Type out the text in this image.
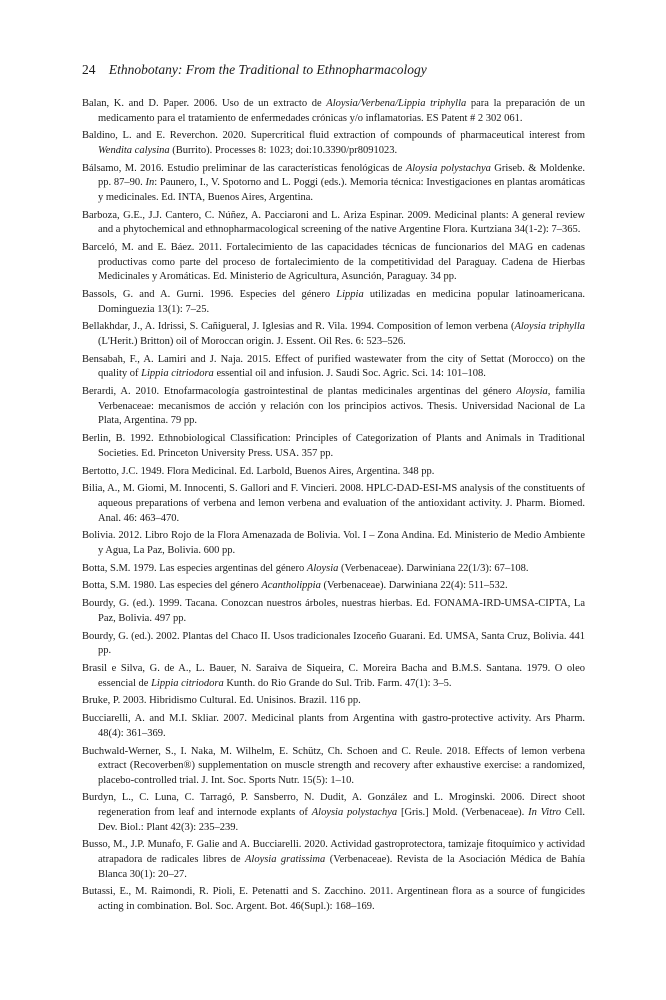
24 Ethnobotany: From the Traditional to Ethnopharmacology

Balan, K. and D. Paper. 2006. Uso de un extracto de Aloysia/Verbena/Lippia triphylla para la preparación de un medicamento para el tratamiento de enfermedades crónicas y/o inflamatorias. ES Patent # 2 302 061.

Baldino, L. and E. Reverchon. 2020. Supercritical fluid extraction of compounds of pharmaceutical interest from Wendita calysina (Burrito). Processes 8: 1023; doi:10.3390/pr8091023.

Bálsamo, M. 2016. Estudio preliminar de las características fenológicas de Aloysia polystachya Griseb. & Moldenke. pp. 87–90. In: Paunero, I., V. Spotorno and L. Poggi (eds.). Memoria técnica: Investigaciones en plantas aromáticas y medicinales. Ed. INTA, Buenos Aires, Argentina.

Barboza, G.E., J.J. Cantero, C. Núñez, A. Pacciaroni and L. Ariza Espinar. 2009. Medicinal plants: A general review and a phytochemical and ethnopharmacological screening of the native Argentine Flora. Kurtziana 34(1-2): 7–365.

Barceló, M. and E. Báez. 2011. Fortalecimiento de las capacidades técnicas de funcionarios del MAG en cadenas productivas como parte del proceso de fortalecimiento de la competitividad del Paraguay. Cadena de Hierbas Medicinales y Aromáticas. Ed. Ministerio de Agricultura, Asunción, Paraguay. 34 pp.

Bassols, G. and A. Gurni. 1996. Especies del género Lippia utilizadas en medicina popular latinoamericana. Dominguezia 13(1): 7–25.

Bellakhdar, J., A. Idrissi, S. Cañigueral, J. Iglesias and R. Vila. 1994. Composition of lemon verbena (Aloysia triphylla (L'Herit.) Britton) oil of Moroccan origin. J. Essent. Oil Res. 6: 523–526.

Bensabah, F., A. Lamiri and J. Naja. 2015. Effect of purified wastewater from the city of Settat (Morocco) on the quality of Lippia citriodora essential oil and infusion. J. Saudi Soc. Agric. Sci. 14: 101–108.

Berardi, A. 2010. Etnofarmacología gastrointestinal de plantas medicinales argentinas del género Aloysia, familia Verbenaceae: mecanismos de acción y relación con los principios activos. Thesis. Universidad Nacional de La Plata, Argentina. 79 pp.

Berlin, B. 1992. Ethnobiological Classification: Principles of Categorization of Plants and Animals in Traditional Societies. Ed. Princeton University Press. USA. 357 pp.

Bertotto, J.C. 1949. Flora Medicinal. Ed. Larbold, Buenos Aires, Argentina. 348 pp.

Bilia, A., M. Giomi, M. Innocenti, S. Gallori and F. Vincieri. 2008. HPLC-DAD-ESI-MS analysis of the constituents of aqueous preparations of verbena and lemon verbena and evaluation of the antioxidant activity. J. Pharm. Biomed. Anal. 46: 463–470.

Bolivia. 2012. Libro Rojo de la Flora Amenazada de Bolivia. Vol. I – Zona Andina. Ed. Ministerio de Medio Ambiente y Agua, La Paz, Bolivia. 600 pp.

Botta, S.M. 1979. Las especies argentinas del género Aloysia (Verbenaceae). Darwiniana 22(1/3): 67–108.

Botta, S.M. 1980. Las especies del género Acantholippia (Verbenaceae). Darwiniana 22(4): 511–532.

Bourdy, G. (ed.). 1999. Tacana. Conozcan nuestros árboles, nuestras hierbas. Ed. FONAMA-IRD-UMSA-CIPTA, La Paz, Bolivia. 497 pp.

Bourdy, G. (ed.). 2002. Plantas del Chaco II. Usos tradicionales Izoceño Guarani. Ed. UMSA, Santa Cruz, Bolivia. 441 pp.

Brasil e Silva, G. de A., L. Bauer, N. Saraiva de Siqueira, C. Moreira Bacha and B.M.S. Santana. 1979. O oleo essencial de Lippia citriodora Kunth. do Rio Grande do Sul. Trib. Farm. 47(1): 3–5.

Bruke, P. 2003. Hibridismo Cultural. Ed. Unisinos. Brazil. 116 pp.

Bucciarelli, A. and M.I. Skliar. 2007. Medicinal plants from Argentina with gastro-protective activity. Ars Pharm. 48(4): 361–369.

Buchwald-Werner, S., I. Naka, M. Wilhelm, E. Schütz, Ch. Schoen and C. Reule. 2018. Effects of lemon verbena extract (Recoverben®) supplementation on muscle strength and recovery after exhaustive exercise: a randomized, placebo-controlled trial. J. Int. Soc. Sports Nutr. 15(5): 1–10.

Burdyn, L., C. Luna, C. Tarragó, P. Sansberro, N. Dudit, A. González and L. Mroginski. 2006. Direct shoot regeneration from leaf and internode explants of Aloysia polystachya [Gris.] Mold. (Verbenaceae). In Vitro Cell. Dev. Biol.: Plant 42(3): 235–239.

Busso, M., J.P. Munafo, F. Galie and A. Bucciarelli. 2020. Actividad gastroprotectora, tamizaje fitoquímico y actividad atrapadora de radicales libres de Aloysia gratissima (Verbenaceae). Revista de la Asociación Médica de Bahía Blanca 30(1): 20–27.

Butassi, E., M. Raimondi, R. Pioli, E. Petenatti and S. Zacchino. 2011. Argentinean flora as a source of fungicides acting in combination. Bol. Soc. Argent. Bot. 46(Supl.): 168–169.
